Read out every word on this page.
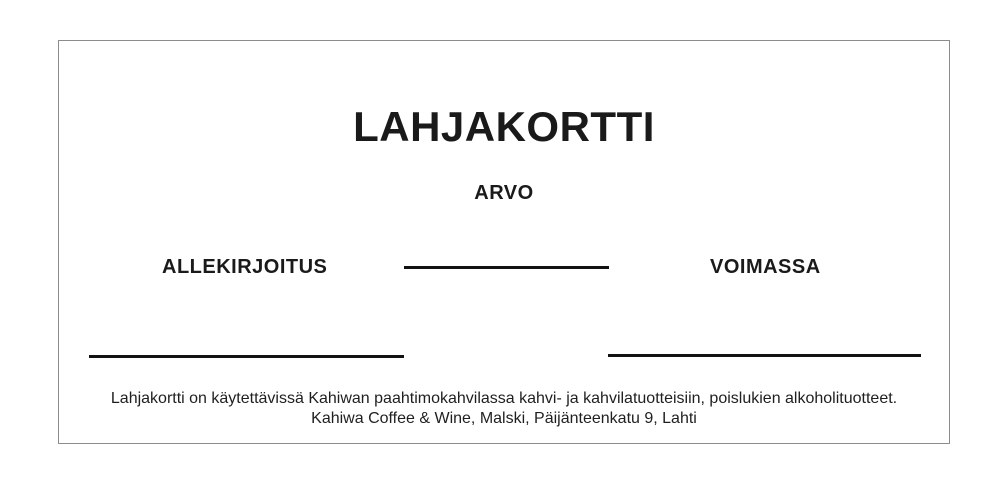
LAHJAKORTTI
ARVO
ALLEKIRJOITUS	VOIMASSA
Lahjakortti on käytettävissä Kahiwan paahtimokahvilassa kahvi- ja kahvilatuotteisiin, poislukien alkoholituotteet.
Kahiwa Coffee & Wine, Malski, Päijänteenkatu 9, Lahti
